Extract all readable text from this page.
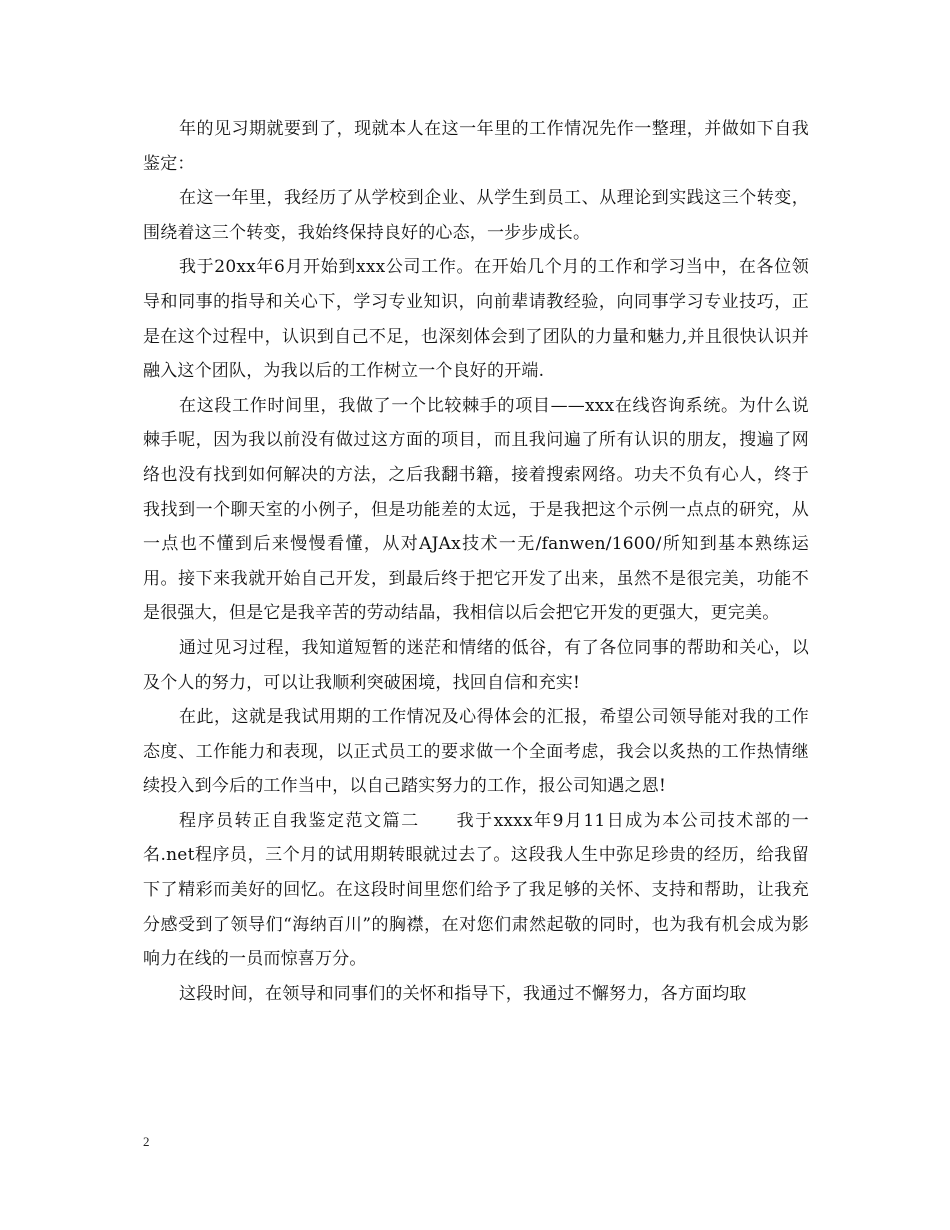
年的见习期就要到了，现就本人在这一年里的工作情况先作一整理，并做如下自我鉴定：

在这一年里，我经历了从学校到企业、从学生到员工、从理论到实践这三个转变，围绕着这三个转变，我始终保持良好的心态，一步步成长。

我于20xx年6月开始到xxx公司工作。在开始几个月的工作和学习当中，在各位领导和同事的指导和关心下，学习专业知识，向前辈请教经验，向同事学习专业技巧，正是在这个过程中，认识到自己不足，也深刻体会到了团队的力量和魅力,并且很快认识并融入这个团队，为我以后的工作树立一个良好的开端.

在这段工作时间里，我做了一个比较棘手的项目——xxx在线咨询系统。为什么说棘手呢，因为我以前没有做过这方面的项目，而且我问遍了所有认识的朋友，搜遍了网络也没有找到如何解决的方法，之后我翻书籍，接着搜索网络。功夫不负有心人，终于我找到一个聊天室的小例子，但是功能差的太远，于是我把这个示例一点点的研究，从一点也不懂到后来慢慢看懂，从对AJAx技术一无/fanwen/1600/所知到基本熟练运用。接下来我就开始自己开发，到最后终于把它开发了出来，虽然不是很完美，功能不是很强大，但是它是我辛苦的劳动结晶，我相信以后会把它开发的更强大，更完美。

通过见习过程，我知道短暂的迷茫和情绪的低谷，有了各位同事的帮助和关心，以及个人的努力，可以让我顺利突破困境，找回自信和充实!

在此，这就是我试用期的工作情况及心得体会的汇报，希望公司领导能对我的工作态度、工作能力和表现，以正式员工的要求做一个全面考虑，我会以炙热的工作热情继续投入到今后的工作当中，以自己踏实努力的工作，报公司知遇之恩!

程序员转正自我鉴定范文篇二　　我于xxxx年9月11日成为本公司技术部的一名.net程序员，三个月的试用期转眼就过去了。这段我人生中弥足珍贵的经历，给我留下了精彩而美好的回忆。在这段时间里您们给予了我足够的关怀、支持和帮助，让我充分感受到了领导们“海纳百川”的胸襟，在对您们肃然起敬的同时，也为我有机会成为影响力在线的一员而惊喜万分。

这段时间，在领导和同事们的关怀和指导下，我通过不懈努力，各方面均取

2
